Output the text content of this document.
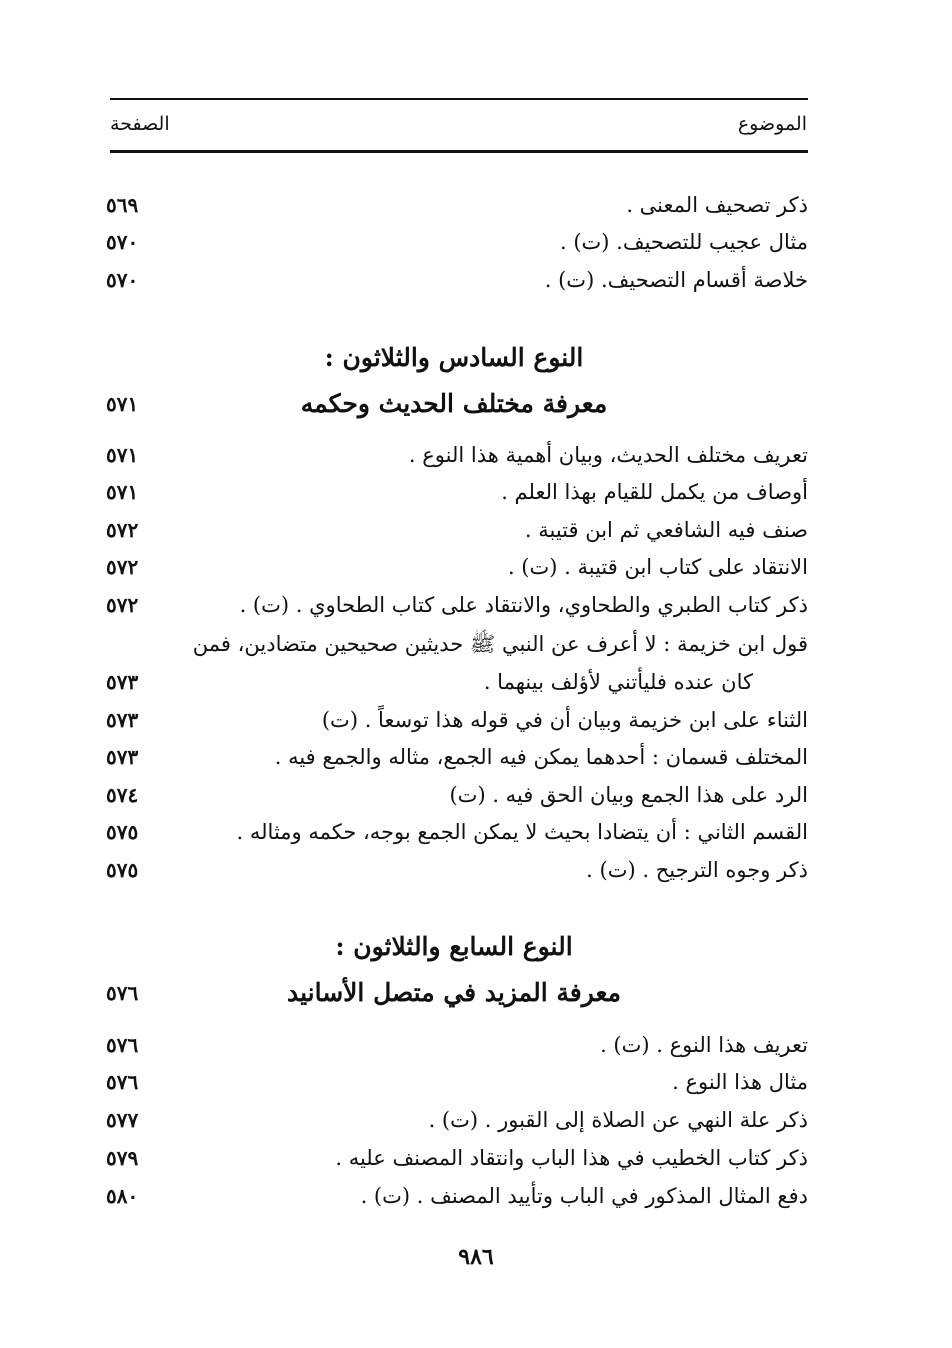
الموضوع
الصفحة
ذكر تصحيف المعنى .
٥٦٩
مثال عجيب للتصحيف. (ت) .
٥٧٠
خلاصة أقسام التصحيف. (ت) .
٥٧٠
النوع السادس والثلاثون :
معرفة مختلف الحديث وحكمه
٥٧١
تعريف مختلف الحديث، وبيان أهمية هذا النوع .
٥٧١
أوصاف من يكمل للقيام بهذا العلم .
٥٧١
صنف فيه الشافعي ثم ابن قتيبة .
٥٧٢
الانتقاد على كتاب ابن قتيبة . (ت) .
٥٧٢
ذكر كتاب الطبري والطحاوي، والانتقاد على كتاب الطحاوي . (ت) .
٥٧٢
قول ابن خزيمة : لا أعرف عن النبي ﷺ حديثين صحيحين متضادين، فمن
كان عنده فليأتني لأؤلف بينهما .
٥٧٣
الثناء على ابن خزيمة وبيان أن في قوله هذا توسعاً . (ت)
٥٧٣
المختلف قسمان : أحدهما يمكن فيه الجمع، مثاله والجمع فيه .
٥٧٣
الرد على هذا الجمع وبيان الحق فيه . (ت)
٥٧٤
القسم الثاني : أن يتضادا بحيث لا يمكن الجمع بوجه، حكمه ومثاله .
٥٧٥
ذكر وجوه الترجيح . (ت) .
٥٧٥
النوع السابع والثلاثون :
معرفة المزيد في متصل الأسانيد
٥٧٦
تعريف هذا النوع . (ت) .
٥٧٦
مثال هذا النوع .
٥٧٦
ذكر علة النهي عن الصلاة إلى القبور . (ت) .
٥٧٧
ذكر كتاب الخطيب في هذا الباب وانتقاد المصنف عليه .
٥٧٩
دفع المثال المذكور في الباب وتأييد المصنف . (ت) .
٥٨٠
٩٨٦
